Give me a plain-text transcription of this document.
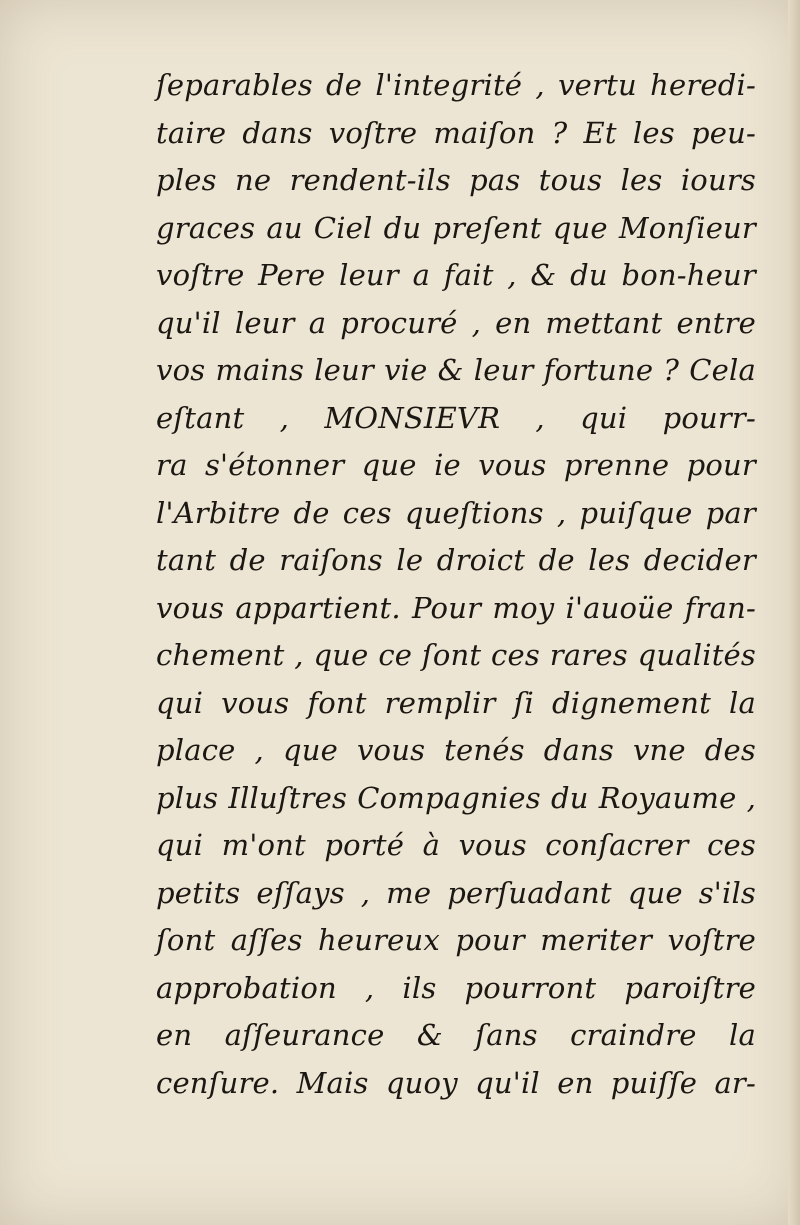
ſeparables de l'integrité , vertu heredi-
taire dans voſtre maiſon ? Et les peu-
ples ne rendent-ils pas tous les iours
graces au Ciel du preſent que Monſieur
voſtre Pere leur a fait , & du bon-heur
qu'il leur a procuré , en mettant entre
vos mains leur vie & leur fortune ? Cela
eſtant , MONSIEVR , qui pourr-
ra s'étonner que ie vous prenne pour
l'Arbitre de ces queſtions , puiſque par
tant de raiſons le droict de les decider
vous appartient. Pour moy i'auoüe fran-
chement , que ce ſont ces rares qualités
qui vous font remplir ſi dignement la
place , que vous tenés dans vne des
plus Illuſtres Compagnies du Royaume ,
qui m'ont porté à vous conſacrer ces
petits eſſays , me perſuadant que s'ils
ſont aſſes heureux pour meriter voſtre
approbation , ils pourront paroiſtre
en aſſeurance & ſans craindre la
cenſure. Mais quoy qu'il en puiſſe ar-
